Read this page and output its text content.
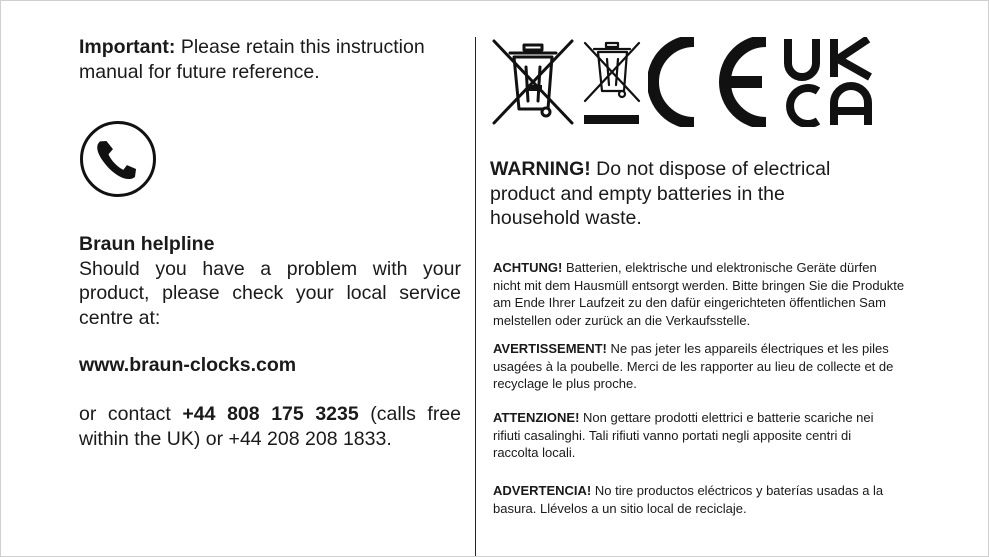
Important: Please retain this instruction manual for future reference.

Braun helpline
Should you have a problem with your product, please check your local service centre at:
www.braun-clocks.com
or contact +44 808 175 3235 (calls free within the UK) or +44 208 208 1833.
WARNING! Do not dispose of electrical product and empty batteries in the household waste.
ACHTUNG! Batterien, elektrische und elektronische Geräte dürfen
nicht mit dem Hausmüll entsorgt werden. Bitte bringen Sie die Produkte
am Ende Ihrer Laufzeit zu den dafür eingerichteten öffentlichen Sam
melstellen oder zurück an die Verkaufsstelle.
AVERTISSEMENT! Ne pas jeter les appareils électriques et les piles
usagées à la poubelle. Merci de les rapporter au lieu de collecte et de
recyclage le plus proche.
ATTENZIONE! Non gettare prodotti elettrici e batterie scariche nei
rifiuti casalinghi. Tali rifiuti vanno portati negli apposite centri di
raccolta locali.
ADVERTENCIA! No tire productos eléctricos y baterías usadas a la
basura. Llévelos a un sitio local de reciclaje.
